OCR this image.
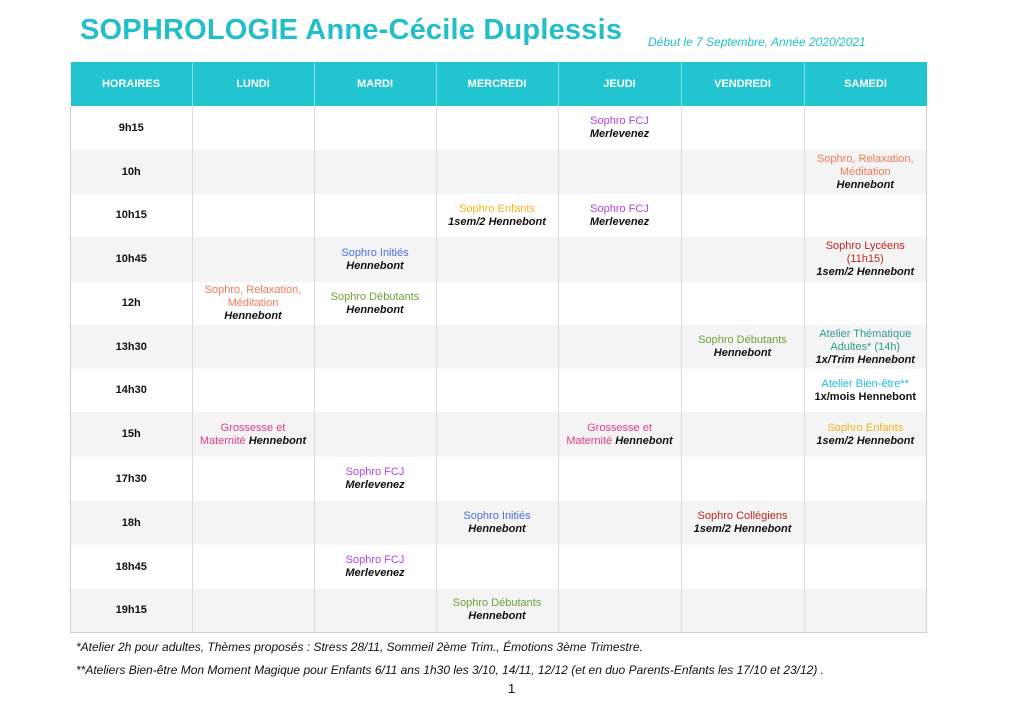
SOPHROLOGIE Anne-Cécile Duplessis Début le 7 Septembre, Année 2020/2021
HORAIRES	LUNDI	MARDI	MERCREDI	JEUDI	VENDREDI	SAMEDI
9h15				Sophro FCJ
Merlevenez		

10h						Sophro, Relaxation,
Méditation
Hennebont

10h15			Sophro Enfants
1sem/2 Hennebont	Sophro FCJ
Merlevenez		

10h45		Sophro Initiés
Hennebont				Sophro Lycéens
(11h15)
1sem/2 Hennebont

12h	Sophro, Relaxation,
Méditation
Hennebont	Sophro Débutants
Hennebont				

13h30					Sophro Débutants
Hennebont	Atelier Thématique
Adultes* (14h)
1x/Trim Hennebont

14h30						Atelier Bien-être**
1x/mois Hennebont

15h	Grossesse et
Maternité Hennebont			Grossesse et
Maternité Hennebont		Sophro Enfants
1sem/2 Hennebont

17h30		Sophro FCJ
Merlevenez				

18h			Sophro Initiés
Hennebont		Sophro Collégiens
1sem/2 Hennebont	

18h45		Sophro FCJ
Merlevenez				

19h15			Sophro Débutants
Hennebont			

*Atelier 2h pour adultes, Thèmes proposés : Stress 28/11, Sommeil 2ème Trim., Émotions 3ème Trimestre.
**Ateliers Bien-être Mon Moment Magique pour Enfants 6/11 ans 1h30 les 3/10, 14/11, 12/12 (et en duo Parents-Enfants les 17/10 et 23/12) .
1
